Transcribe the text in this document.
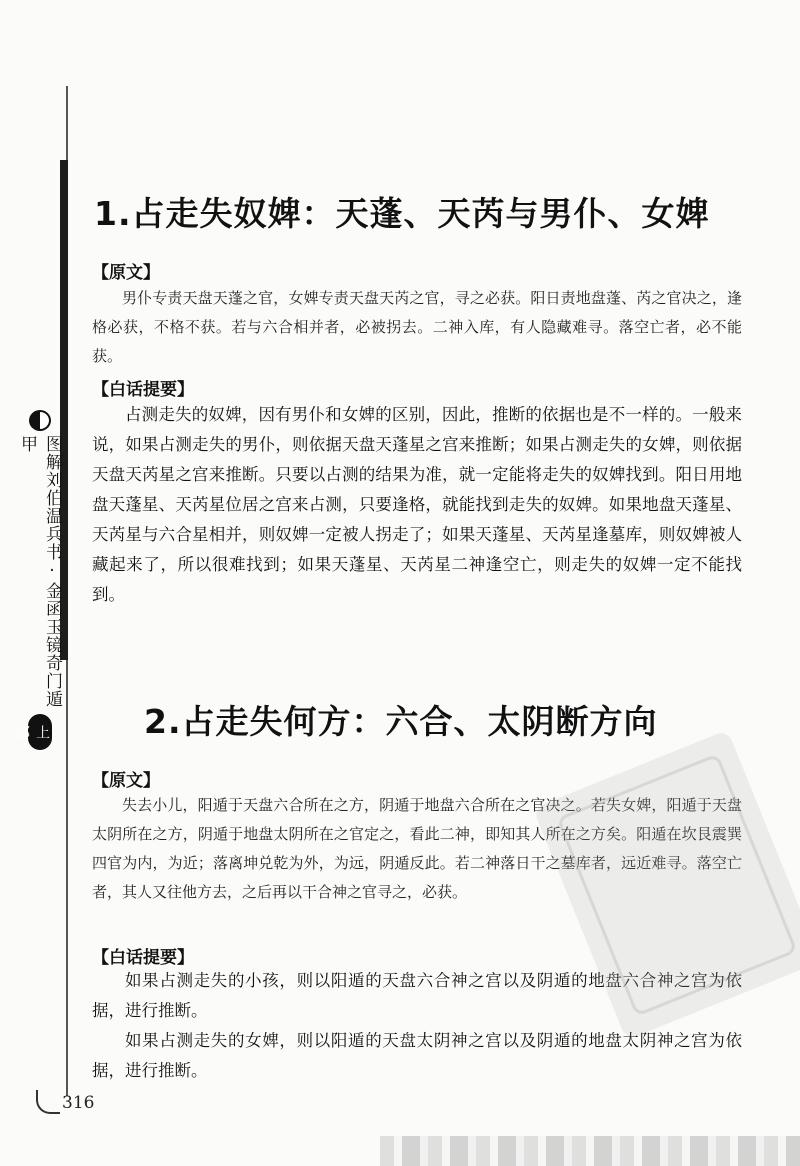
图解刘伯温兵书·金函玉镜奇门遁甲
上部
1.占走失奴婢：天蓬、天芮与男仆、女婢
【原文】

男仆专责天盘天蓬之官，女婢专责天盘天芮之官，寻之必获。阳日责地盘蓬、芮之官决之，逢格必获，不格不获。若与六合相并者，必被拐去。二神入库，有人隐藏难寻。落空亡者，必不能获。

【白话提要】

占测走失的奴婢，因有男仆和女婢的区别，因此，推断的依据也是不一样的。一般来说，如果占测走失的男仆，则依据天盘天蓬星之宫来推断；如果占测走失的女婢，则依据天盘天芮星之宫来推断。只要以占测的结果为准，就一定能将走失的奴婢找到。阳日用地盘天蓬星、天芮星位居之宫来占测，只要逢格，就能找到走失的奴婢。如果地盘天蓬星、天芮星与六合星相并，则奴婢一定被人拐走了；如果天蓬星、天芮星逢墓库，则奴婢被人藏起来了，所以很难找到；如果天蓬星、天芮星二神逢空亡，则走失的奴婢一定不能找到。

2.占走失何方：六合、太阴断方向
【原文】

失去小儿，阳遁于天盘六合所在之方，阴遁于地盘六合所在之官决之。若失女婢，阳遁于天盘太阴所在之方，阴遁于地盘太阴所在之官定之，看此二神，即知其人所在之方矣。阳遁在坎艮震巽四官为内，为近；落离坤兑乾为外，为远，阴遁反此。若二神落日干之墓库者，远近难寻。落空亡者，其人又往他方去，之后再以干合神之官寻之，必获。

【白话提要】

如果占测走失的小孩，则以阳遁的天盘六合神之宫以及阴遁的地盘六合神之宫为依据，进行推断。

如果占测走失的女婢，则以阳遁的天盘太阴神之宫以及阴遁的地盘太阴神之宫为依据，进行推断。

316
